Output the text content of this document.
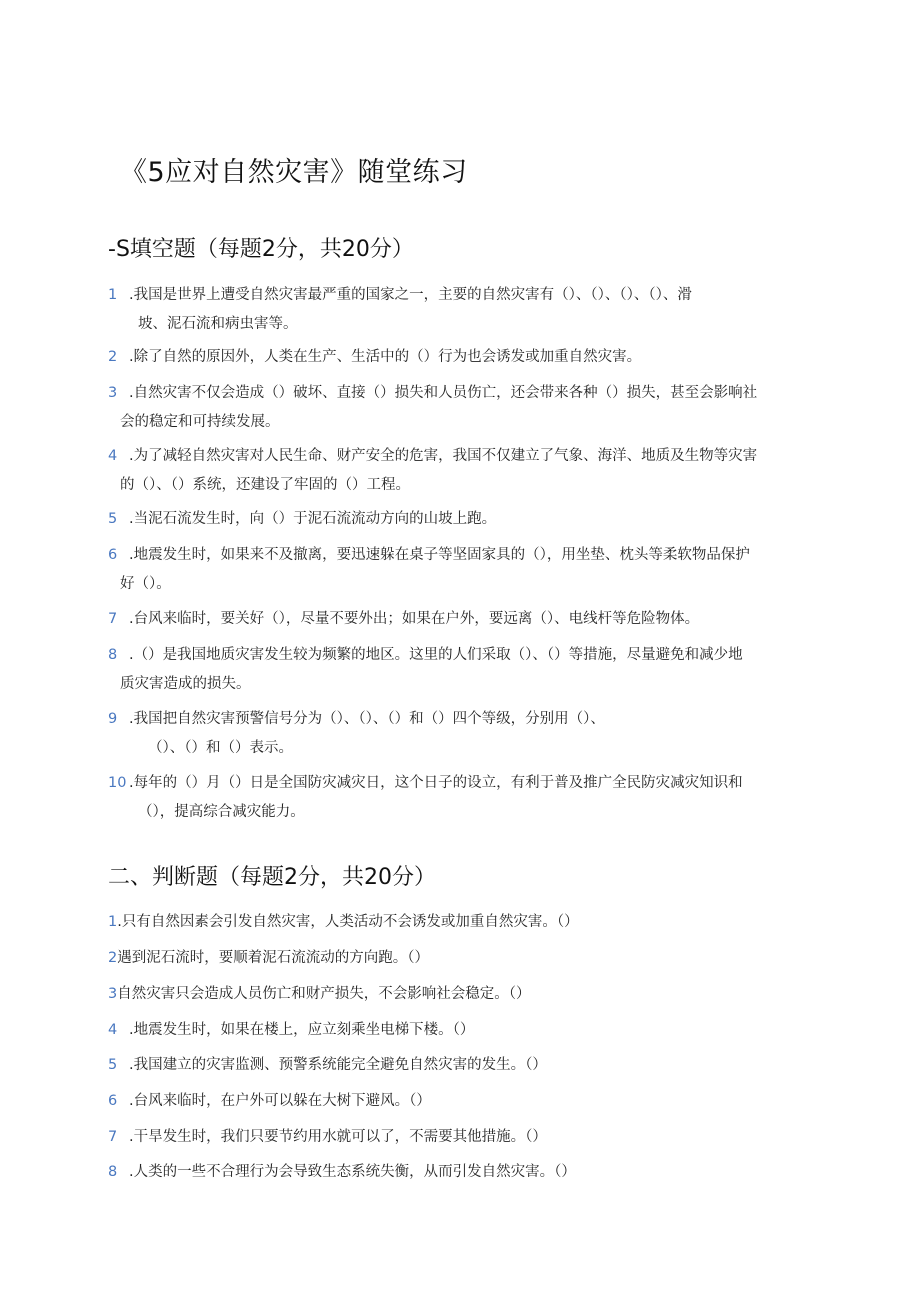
《5应对自然灾害》随堂练习
-S填空题（每题2分，共20分）
1 .我国是世界上遭受自然灾害最严重的国家之一，主要的自然灾害有（）、（）、（）、（）、滑
坡、泥石流和病虫害等。
2 .除了自然的原因外，人类在生产、生活中的（）行为也会诱发或加重自然灾害。
3 .自然灾害不仅会造成（）破坏、直接（）损失和人员伤亡，还会带来各种（）损失，甚至会影响社
会的稳定和可持续发展。
4 .为了减轻自然灾害对人民生命、财产安全的危害，我国不仅建立了气象、海洋、地质及生物等灾害
的（）、（）系统，还建设了牢固的（）工程。
5 .当泥石流发生时，向（）于泥石流流动方向的山坡上跑。
6 .地震发生时，如果来不及撤离，要迅速躲在桌子等坚固家具的（），用坐垫、枕头等柔软物品保护
好（）。
7 .台风来临时，要关好（），尽量不要外出；如果在户外，要远离（）、电线杆等危险物体。
8 .（）是我国地质灾害发生较为频繁的地区。这里的人们采取（）、（）等措施，尽量避免和减少地
质灾害造成的损失。
9 .我国把自然灾害预警信号分为（）、（）、（）和（）四个等级，分别用（）、
（）、（）和（）表示。
10 .每年的（）月（）日是全国防灾减灾日，这个日子的设立，有利于普及推广全民防灾减灾知识和
（），提高综合减灾能力。
二、判断题（每题2分，共20分）
1.只有自然因素会引发自然灾害，人类活动不会诱发或加重自然灾害。（）
2遇到泥石流时，要顺着泥石流流动的方向跑。（）
3自然灾害只会造成人员伤亡和财产损失，不会影响社会稳定。（）
4 .地震发生时，如果在楼上，应立刻乘坐电梯下楼。（）
5 .我国建立的灾害监测、预警系统能完全避免自然灾害的发生。（）
6 .台风来临时，在户外可以躲在大树下避风。（）
7 .干旱发生时，我们只要节约用水就可以了，不需要其他措施。（）
8 .人类的一些不合理行为会导致生态系统失衡，从而引发自然灾害。（）
